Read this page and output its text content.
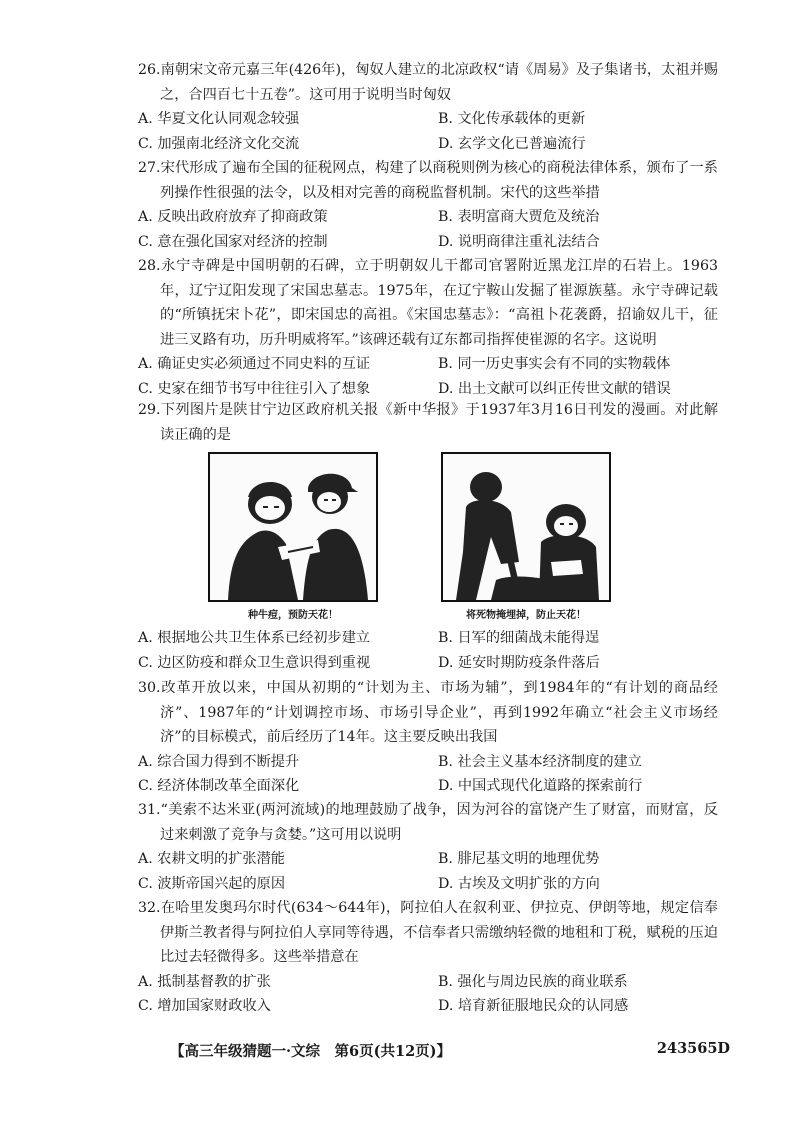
26.南朝宋文帝元嘉三年(426年)，匈奴人建立的北凉政权“请《周易》及子集诸书，太祖并赐之，合四百七十五卷”。这可用于说明当时匈奴

A. 华夏文化认同观念较强	B. 文化传承载体的更新
C. 加强南北经济文化交流	D. 玄学文化已普遍流行

27.宋代形成了遍布全国的征税网点，构建了以商税则例为核心的商税法律体系，颁布了一系列操作性很强的法令，以及相对完善的商税监督机制。宋代的这些举措

A. 反映出政府放弃了抑商政策	B. 表明富商大贾危及统治
C. 意在强化国家对经济的控制	D. 说明商律注重礼法结合

28.永宁寺碑是中国明朝的石碑，立于明朝奴儿干都司官署附近黑龙江岸的石岩上。1963年，辽宁辽阳发现了宋国忠墓志。1975年，在辽宁鞍山发掘了崔源族墓。永宁寺碑记载的“所镇抚宋卜花”，即宋国忠的高祖。《宋国忠墓志》：“高祖卜花袭爵，招谕奴儿干，征进三叉路有功，历升明威将军。”该碑还载有辽东都司指挥使崔源的名字。这说明

A. 确证史实必须通过不同史料的互证	B. 同一历史事实会有不同的实物载体
C. 史家在细节书写中往往引入了想象	D. 出土文献可以纠正传世文献的错误

29.下列图片是陕甘宁边区政府机关报《新中华报》于1937年3月16日刊发的漫画。对此解读正确的是

种牛痘，预防天花！	将死物掩埋掉，防止天花！
A. 根据地公共卫生体系已经初步建立	B. 日军的细菌战未能得逞
C. 边区防疫和群众卫生意识得到重视	D. 延安时期防疫条件落后

30.改革开放以来，中国从初期的“计划为主、市场为辅”，到1984年的“有计划的商品经济”、1987年的“计划调控市场、市场引导企业”，再到1992年确立“社会主义市场经济”的目标模式，前后经历了14年。这主要反映出我国

A. 综合国力得到不断提升	B. 社会主义基本经济制度的建立
C. 经济体制改革全面深化	D. 中国式现代化道路的探索前行

31.“美索不达米亚(两河流域)的地理鼓励了战争，因为河谷的富饶产生了财富，而财富，反过来刺激了竞争与贪婪。”这可用以说明

A. 农耕文明的扩张潜能	B. 腓尼基文明的地理优势
C. 波斯帝国兴起的原因	D. 古埃及文明扩张的方向

32.在哈里发奥玛尔时代(634～644年)，阿拉伯人在叙利亚、伊拉克、伊朗等地，规定信奉伊斯兰教者得与阿拉伯人享同等待遇，不信奉者只需缴纳轻微的地租和丁税，赋税的压迫比过去轻微得多。这些举措意在

A. 抵制基督教的扩张	B. 强化与周边民族的商业联系
C. 增加国家财政收入	D. 培育新征服地民众的认同感
【高三年级猜题一·文综　第6页(共12页)】	243565D
